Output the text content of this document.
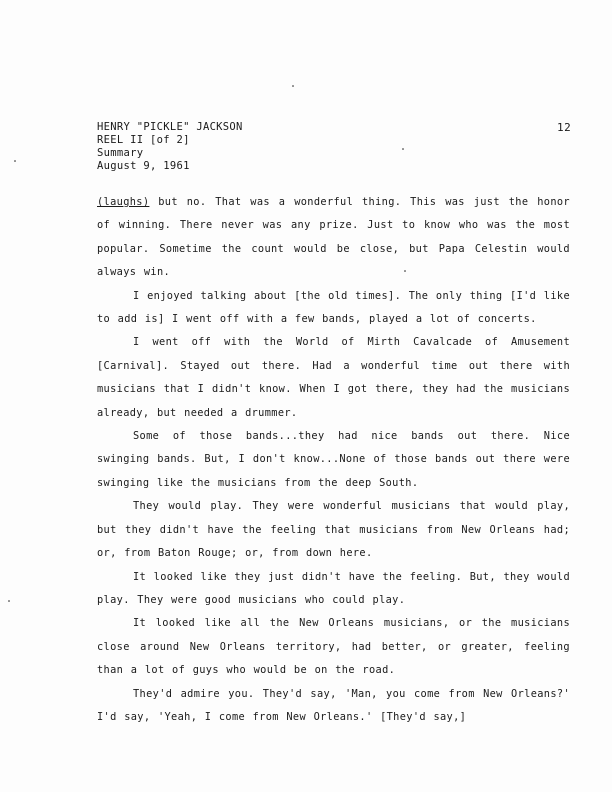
HENRY "PICKLE" JACKSON
REEL II [of 2]
Summary
August 9, 1961
12

(laughs) but no. That was a wonderful thing. This was just the honor of winning. There never was any prize. Just to know who was the most popular. Sometime the count would be close, but Papa Celestin would always win.

I enjoyed talking about [the old times]. The only thing [I'd like to add is] I went off with a few bands, played a lot of concerts.

I went off with the World of Mirth Cavalcade of Amusement [Carnival]. Stayed out there. Had a wonderful time out there with musicians that I didn't know. When I got there, they had the musicians already, but needed a drummer.

Some of those bands...they had nice bands out there. Nice swinging bands. But, I don't know...None of those bands out there were swinging like the musicians from the deep South.

They would play. They were wonderful musicians that would play, but they didn't have the feeling that musicians from New Orleans had; or, from Baton Rouge; or, from down here.

It looked like they just didn't have the feeling. But, they would play. They were good musicians who could play.

It looked like all the New Orleans musicians, or the musicians close around New Orleans territory, had better, or greater, feeling than a lot of guys who would be on the road.

They'd admire you. They'd say, 'Man, you come from New Orleans?' I'd say, 'Yeah, I come from New Orleans.' [They'd say,]
